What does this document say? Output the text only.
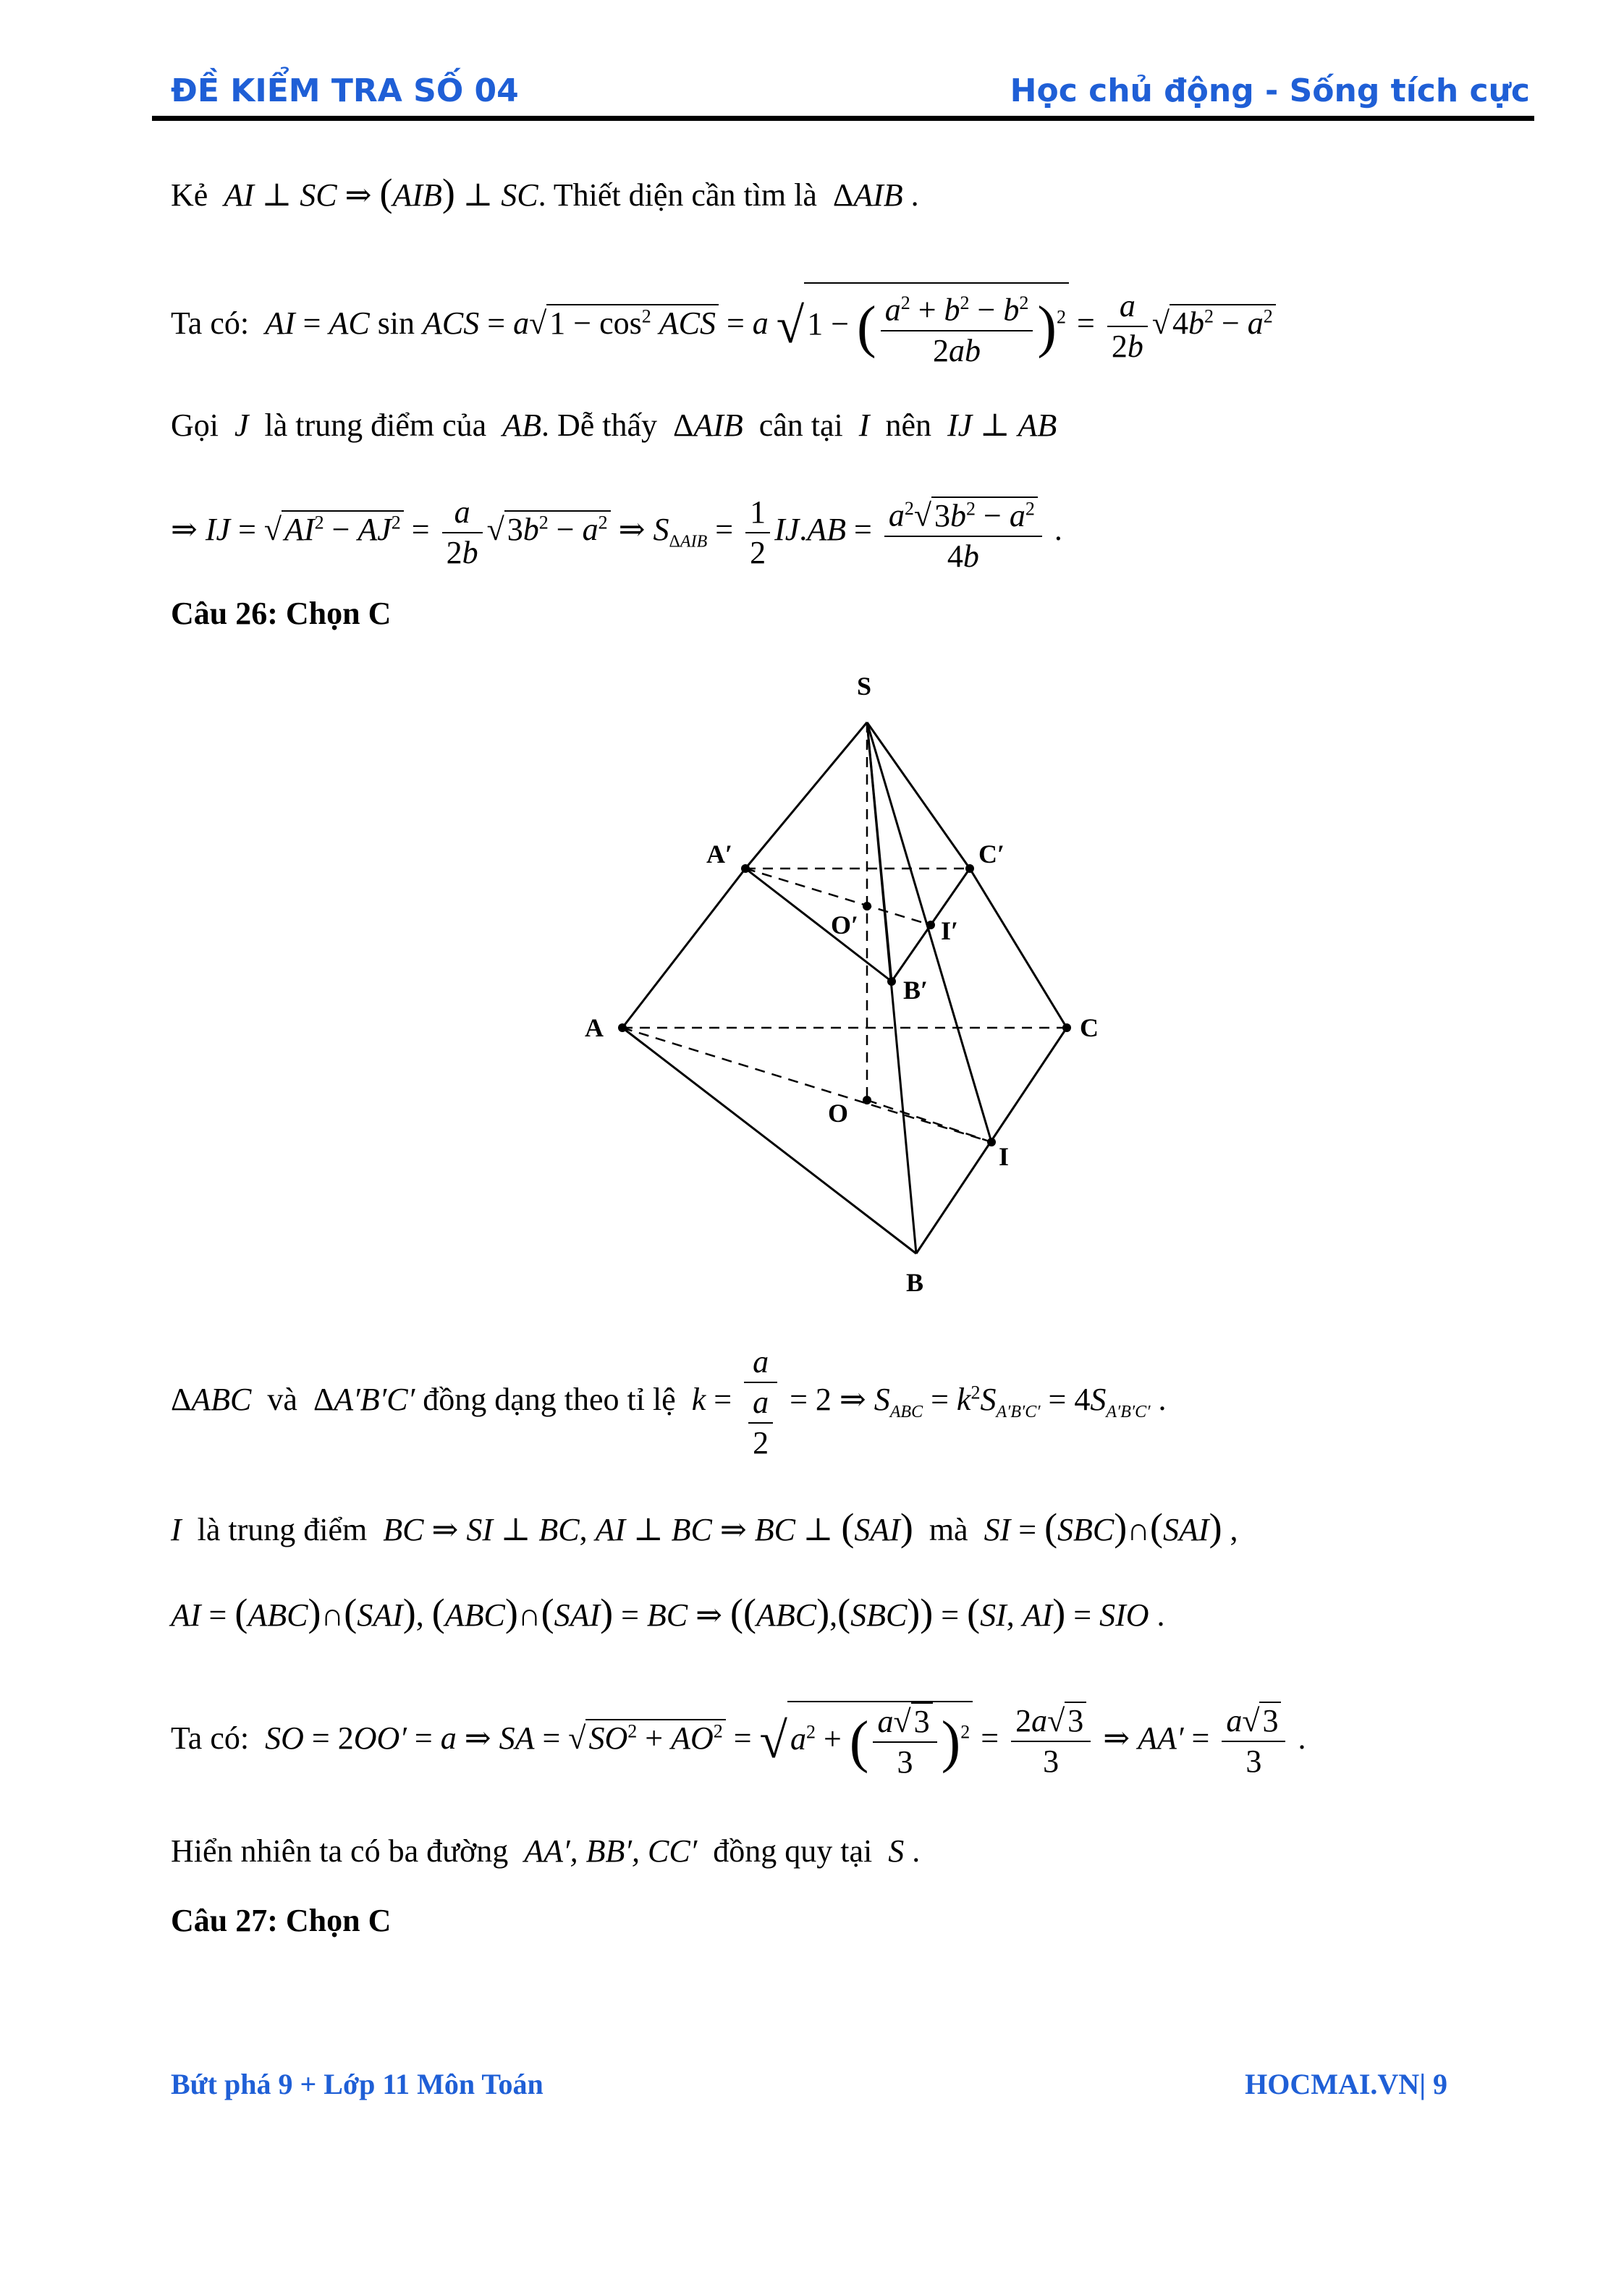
ĐỀ KIỂM TRA SỐ 04	Học chủ động - Sống tích cực
Kẻ  AI ⊥ SC ⇒ (AIB) ⊥ SC. Thiết diện cần tìm là ΔAIB .
Ta có: AI = AC sin ACS = $a√1 - \cos^2$ ACS = a √1 − ( $\frac{a^2 + b^2 - b^2}{2ab} )^2 = \frac{a}{2b} √4b^2 - a^2$
Gọi  J  là trung điểm của  AB. Dễ thấy  ΔAIB cân tại  I  nên  IJ ⊥ AB
⇒ IJ = $√AI^2 - AJ^2 = \frac{a}{2b} √3b^2 - a^2$ ⇒ $S_{\Delta AIB} = \frac{1}{2} IJ.AB = \frac{a^2√3b^2 - a^2}{4b}$ .
Câu 26: Chọn C
S
A′	C′
O′	I′
B′
A	C
O
I
B
ΔABC và  ΔA′B′C′ đồng dạng theo tỉ lệ  $k = \frac{a}{\frac{a}{2}} = 2$ ⇒ $S_{ABC} = k^2S_{A'B'C'} = 4S_{A'B'C'}$ .
I  là trung điểm  BC ⇒ SI ⊥ BC, AI ⊥ BC ⇒ BC ⊥ (SAI) mà  SI = (SBC)∩(SAI) ,
AI = (ABC)∩(SAI), (ABC)∩(SAI) = BC ⇒ ((ABC),(SBC)) = (SI, AI) = SIO .
Ta có: SO = 2OO′ = a ⇒ SA = $√SO^2 + AO^2 = √a^2$ + ( $\frac{a√3}{3} )^2 = \frac{2a√3}{3}$ ⇒ $AA' = \frac{a√3}{3}$ .
Hiển nhiên ta có ba đường  AA′, BB′, CC′  đồng quy tại  S .
Câu 27: Chọn C
Bứt phá 9 + Lớp 11 Môn Toán	HOCMAI.VN| 9
